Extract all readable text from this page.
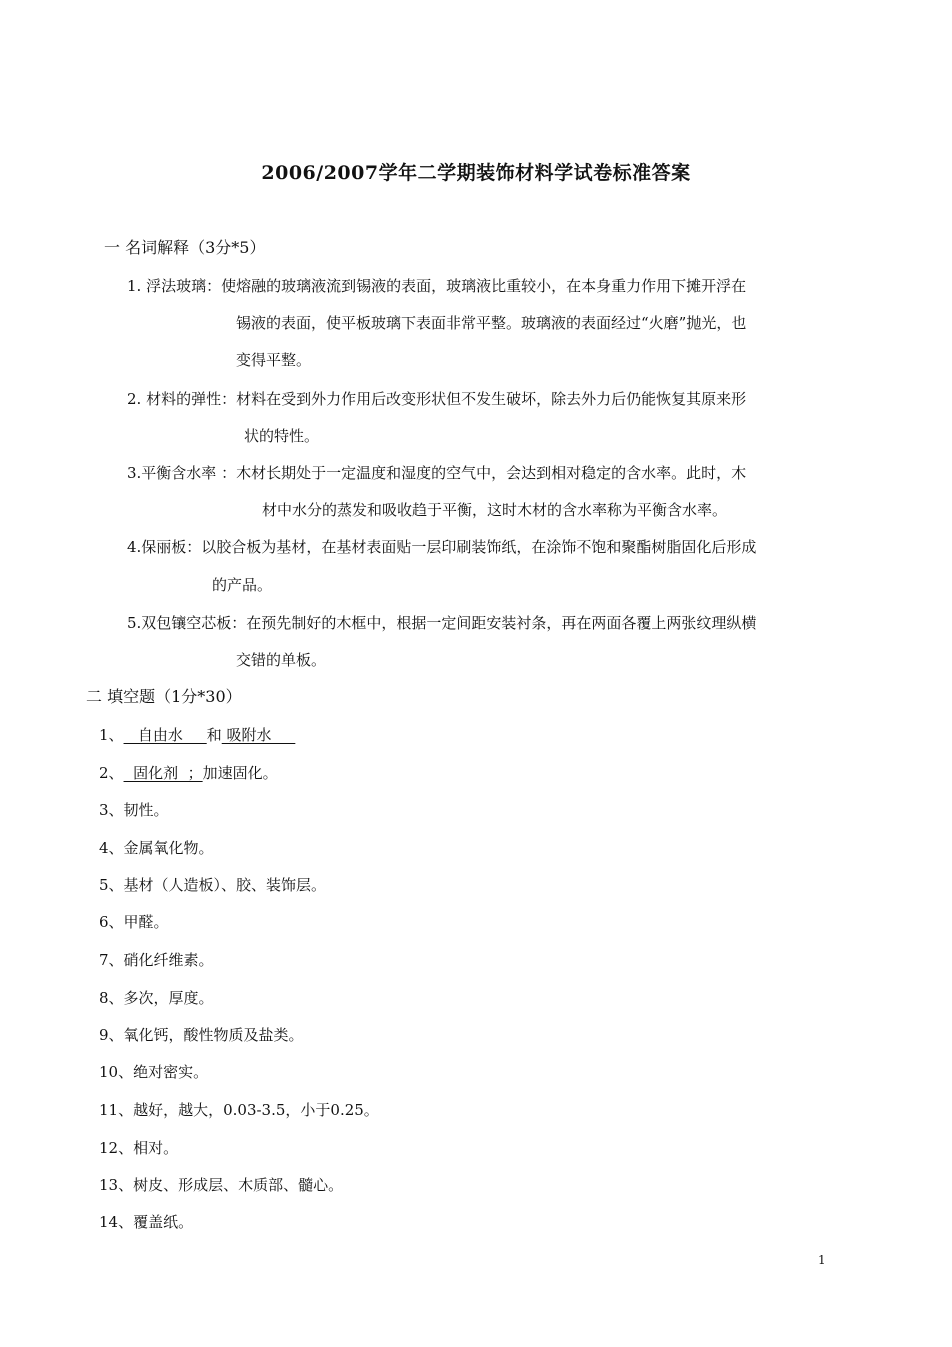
2006/2007学年二学期装饰材料学试卷标准答案
一 名词解释（3分*5）
1. 浮法玻璃：使熔融的玻璃液流到锡液的表面，玻璃液比重较小，在本身重力作用下摊开浮在
锡液的表面，使平板玻璃下表面非常平整。玻璃液的表面经过“火磨”抛光，也
变得平整。
2. 材料的弹性：材料在受到外力作用后改变形状但不发生破坏，除去外力后仍能恢复其原来形
状的特性。
3.平衡含水率 ：木材长期处于一定温度和湿度的空气中，会达到相对稳定的含水率。此时，木
材中水分的蒸发和吸收趋于平衡，这时木材的含水率称为平衡含水率。
4.保丽板：以胶合板为基材，在基材表面贴一层印刷装饰纸，在涂饰不饱和聚酯树脂固化后形成
的产品。
5.双包镶空芯板：在预先制好的木框中，根据一定间距安装衬条，再在两面各覆上两张纹理纵横
交错的单板。
二 填空题（1分*30）
1、   自由水     和 吸附水
2、  固化剂  ；加速固化。
3、韧性。
4、金属氧化物。
5、基材（人造板）、胶、装饰层。
6、甲醛。
7、硝化纤维素。
8、多次，厚度。
9、氧化钙，酸性物质及盐类。
10、绝对密实。
11、越好，越大，0.03-3.5，小于0.25。
12、相对。
13、树皮、形成层、木质部、髓心。
14、覆盖纸。
1
